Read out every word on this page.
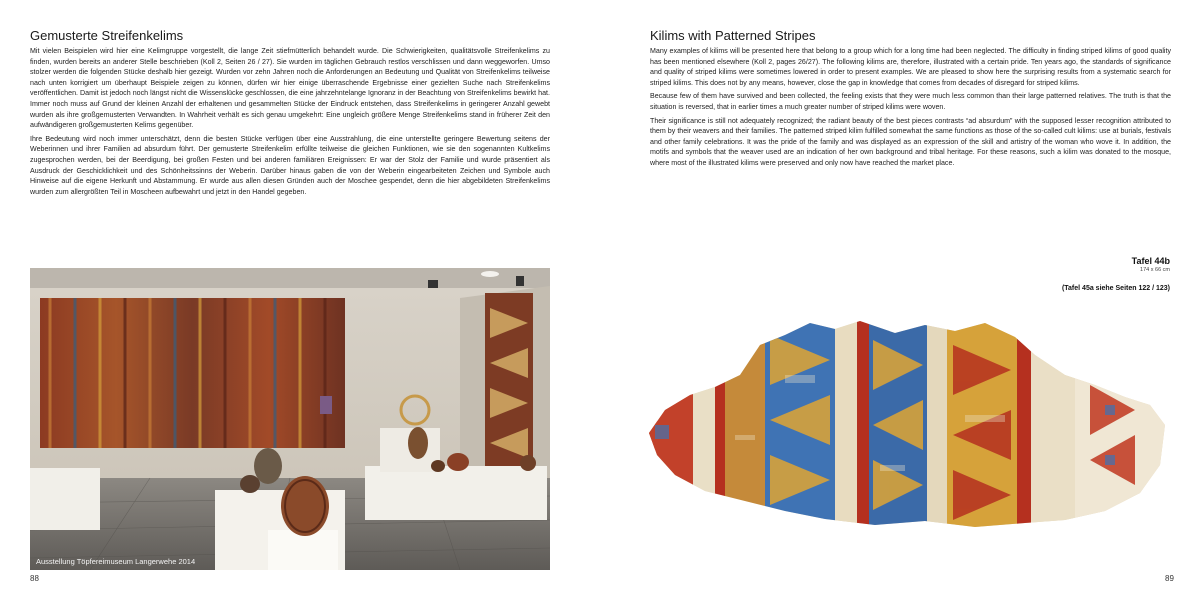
Gemusterte Streifenkelims

Mit vielen Beispielen wird hier eine Kelimgruppe vorgestellt, die lange Zeit stiefmütterlich behandelt wurde. Die Schwierigkeiten, qualitätsvolle Streifenkelims zu finden, wurden bereits an anderer Stelle beschrieben (Koll 2, Seiten 26 / 27). Sie wurden im täglichen Gebrauch restlos verschlissen und dann weggeworfen. Umso stolzer werden die folgenden Stücke deshalb hier gezeigt. Wurden vor zehn Jahren noch die Anforderungen an Bedeutung und Qualität von Streifenkelims teilweise nach unten korrigiert um überhaupt Beispiele zeigen zu können, dürfen wir hier einige überraschende Ergebnisse einer gezielten Suche nach Streifenkelims veröffentlichen. Damit ist jedoch noch längst nicht die Wissenslücke geschlossen, die eine jahrzehntelange Ignoranz in der Beachtung von Streifenkelims bewirkt hat. Immer noch muss auf Grund der kleinen Anzahl der erhaltenen und gesammelten Stücke der Eindruck entstehen, dass Streifenkelims in geringerer Anzahl gewebt wurden als ihre großgemusterten Verwandten. In Wahrheit verhält es sich genau umgekehrt: Eine ungleich größere Menge Streifenkelims stand in früherer Zeit den aufwändigeren großgemusterten Kelims gegenüber.

Ihre Bedeutung wird noch immer unterschätzt, denn die besten Stücke verfügen über eine Ausstrahlung, die eine unterstellte geringere Bewertung seitens der Weberinnen und ihrer Familien ad absurdum führt. Der gemusterte Streifenkelim erfüllte teilweise die gleichen Funktionen, wie sie den sogenannten Kultkelims zugesprochen werden, bei der Beerdigung, bei großen Festen und bei anderen familiären Ereignissen: Er war der Stolz der Familie und wurde präsentiert als Ausdruck der Geschicklichkeit und des Schönheitssinns der Weberin. Darüber hinaus gaben die von der Weberin eingearbeiteten Zeichen und Symbole auch Hinweise auf die eigene Herkunft und Abstammung. Er wurde aus allen diesen Gründen auch der Moschee gespendet, denn die hier abgebildeten Streifenkelims wurden zum allergrößten Teil in Moscheen aufbewahrt und jetzt in den Handel gegeben.

Ausstellung Töpfereimuseum Langerwehe 2014
88
Kilims with Patterned Stripes

Many examples of kilims will be presented here that belong to a group which for a long time had been neglected. The difficulty in finding striped kilims of good quality has been mentioned elsewhere (Koll 2, pages 26/27). The following kilims are, therefore, illustrated with a certain pride. Ten years ago, the standards of significance and quality of striped kilims were sometimes lowered in order to present examples. We are pleased to show here the surprising results from a systematic search for striped kilims. This does not by any means, however, close the gap in knowledge that comes from decades of disregard for striped kilims.

Because few of them have survived and been collected, the feeling exists that they were much less common than their large patterned relatives. The truth is that the situation is reversed, that in earlier times a much greater number of striped kilims were woven.

Their significance is still not adequately recognized; the radiant beauty of the best pieces contrasts “ad absurdum” with the supposed lesser recognition attributed to them by their weavers and their families. The patterned striped kilim fulfilled somewhat the same functions as those of the so-called cult kilims: use at burials, festivals and other family celebrations. It was the pride of the family and was displayed as an expression of the skill and artistry of the woman who wove it. In addition, the motifs and symbols that the weaver used are an indication of her own background and tribal heritage. For these reasons, such a kilim was donated to the mosque, where most of the illustrated kilims were preserved and only now have reached the market place.

Tafel 44b
174 x 66 cm
(Tafel 45a siehe Seiten 122 / 123)
89
